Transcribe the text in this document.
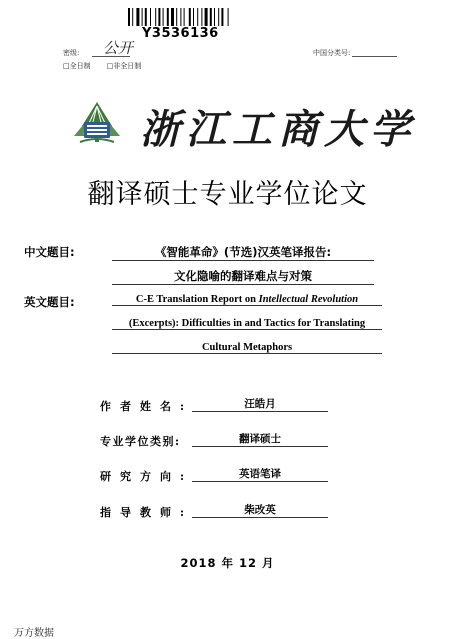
Y3536136
密级: 公开	中国分类号:
□全日制 □非全日制
浙江工商大学
翻译硕士专业学位论文
中文题目:	《智能革命》(节选)汉英笔译报告:
文化隐喻的翻译难点与对策
英文题目:	C-E Translation Report on Intellectual Revolution
(Excerpts): Difficulties in and Tactics for Translating
Cultural Metaphors
作者姓名:	汪皓月
专业学位类别:	翻译硕士
研究方向:	英语笔译
指导教师:	柴改英
2018 年 12 月
万方数据
